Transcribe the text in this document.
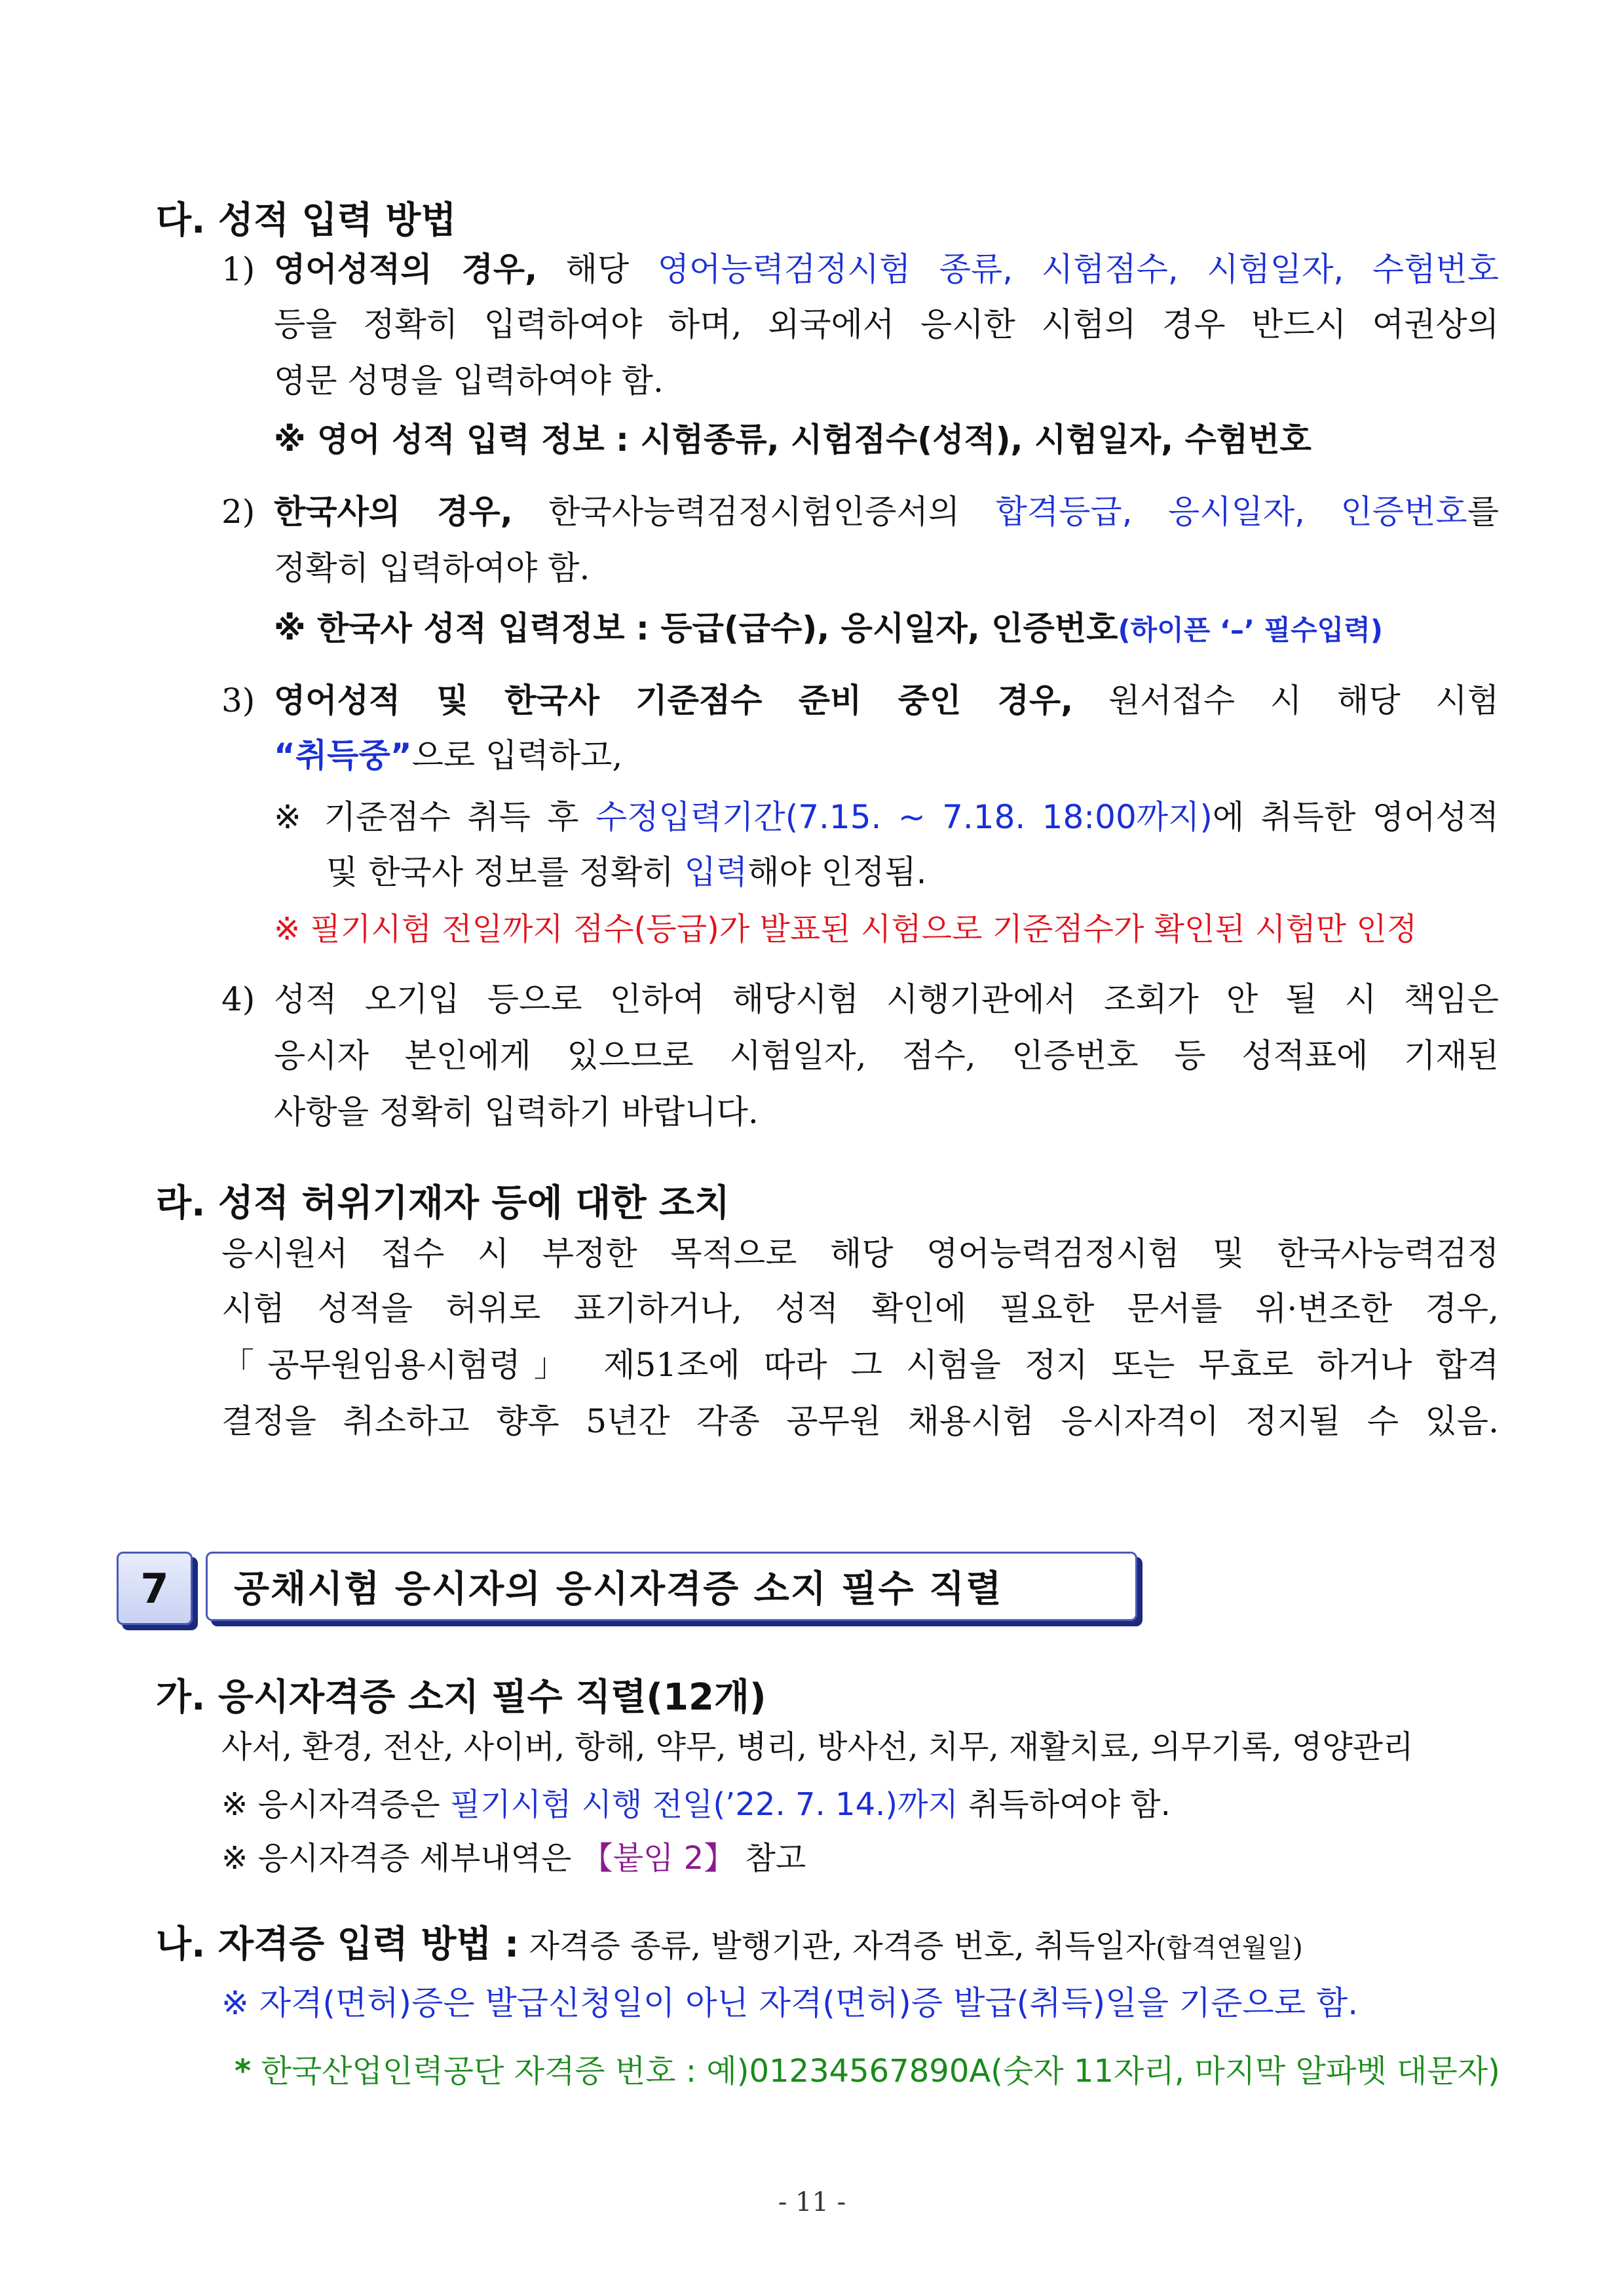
다. 성적 입력 방법
1) 영어성적의 경우, 해당 영어능력검정시험 종류, 시험점수, 시험일자, 수험번호
등을 정확히 입력하여야 하며, 외국에서 응시한 시험의 경우 반드시 여권상의
영문 성명을 입력하여야 함.
※ 영어 성적 입력 정보 : 시험종류, 시험점수(성적), 시험일자, 수험번호
2) 한국사의 경우, 한국사능력검정시험인증서의 합격등급, 응시일자, 인증번호를
정확히 입력하여야 함.
※ 한국사 성적 입력정보 : 등급(급수), 응시일자, 인증번호(하이픈 ‘–’ 필수입력)
3) 영어성적 및 한국사 기준점수 준비 중인 경우, 원서접수 시 해당 시험
“취득중”으로 입력하고,
※ 기준점수 취득 후 수정입력기간(7.15. ~ 7.18. 18:00까지)에 취득한 영어성적
및 한국사 정보를 정확히 입력해야 인정됨.
※ 필기시험 전일까지 점수(등급)가 발표된 시험으로 기준점수가 확인된 시험만 인정
4) 성적 오기입 등으로 인하여 해당시험 시행기관에서 조회가 안 될 시 책임은
응시자 본인에게 있으므로 시험일자, 점수, 인증번호 등 성적표에 기재된
사항을 정확히 입력하기 바랍니다.
라. 성적 허위기재자 등에 대한 조치
응시원서 접수 시 부정한 목적으로 해당 영어능력검정시험 및 한국사능력검정
시험 성적을 허위로 표기하거나, 성적 확인에 필요한 문서를 위·변조한 경우,
「공무원임용시험령」 제51조에 따라 그 시험을 정지 또는 무효로 하거나 합격
결정을 취소하고 향후 5년간 각종 공무원 채용시험 응시자격이 정지될 수 있음.
7	공채시험 응시자의 응시자격증 소지 필수 직렬
가. 응시자격증 소지 필수 직렬(12개)
사서, 환경, 전산, 사이버, 항해, 약무, 병리, 방사선, 치무, 재활치료, 의무기록, 영양관리
※ 응시자격증은 필기시험 시행 전일(’22. 7. 14.)까지 취득하여야 함.
※ 응시자격증 세부내역은 【붙임 2】 참고
나. 자격증 입력 방법 : 자격증 종류, 발행기관, 자격증 번호, 취득일자(합격연월일)
※ 자격(면허)증은 발급신청일이 아닌 자격(면허)증 발급(취득)일을 기준으로 함.
* 한국산업인력공단 자격증 번호 : 예)01234567890A(숫자 11자리, 마지막 알파벳 대문자)
- 11 -
